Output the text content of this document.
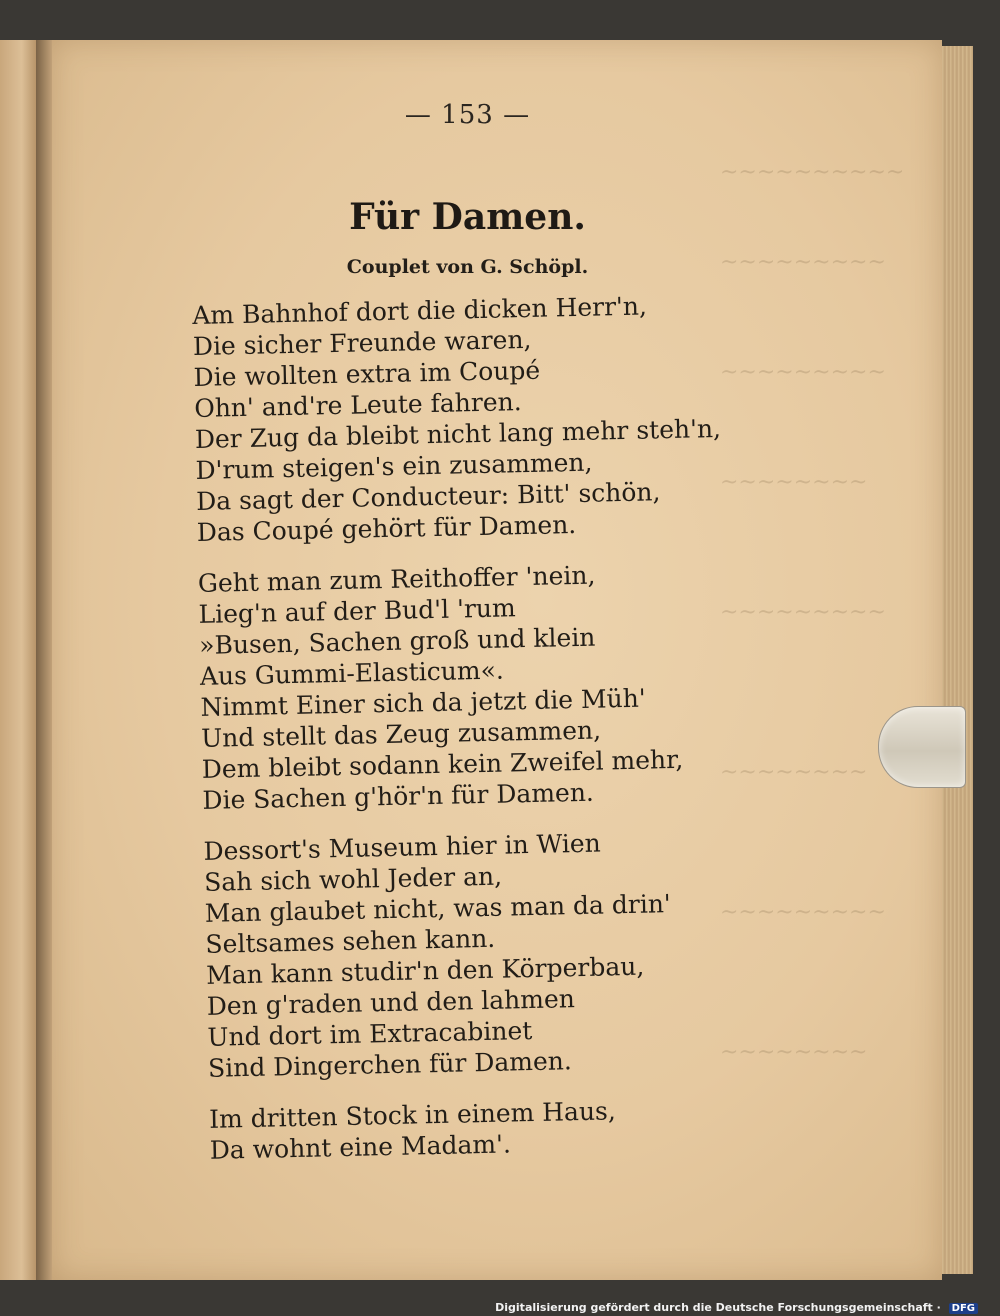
~~~~~~~~~~
~~~~~~~~~
~~~~~~~~~
~~~~~~~~
~~~~~~~~~
~~~~~~~~
~~~~~~~~~
~~~~~~~~
— 153 —
Für Damen.
Couplet von G. Schöpl.
Am Bahnhof dort die dicken Herr'n,
Die sicher Freunde waren,
Die wollten extra im Coupé
Ohn' and're Leute fahren.
Der Zug da bleibt nicht lang mehr steh'n,
D'rum steigen's ein zusammen,
Da sagt der Conducteur: Bitt' schön,
Das Coupé gehört für Damen.
Geht man zum Reithoffer 'nein,
Lieg'n auf der Bud'l 'rum
»Busen, Sachen groß und klein
Aus Gummi-Elasticum«.
Nimmt Einer sich da jetzt die Müh'
Und stellt das Zeug zusammen,
Dem bleibt sodann kein Zweifel mehr,
Die Sachen g'hör'n für Damen.
Dessort's Museum hier in Wien
Sah sich wohl Jeder an,
Man glaubet nicht, was man da drin'
Seltsames sehen kann.
Man kann studir'n den Körperbau,
Den g'raden und den lahmen
Und dort im Extracabinet
Sind Dingerchen für Damen.
Im dritten Stock in einem Haus,
Da wohnt eine Madam'.
Digitalisierung gefördert durch die Deutsche Forschungsgemeinschaft · DFG
